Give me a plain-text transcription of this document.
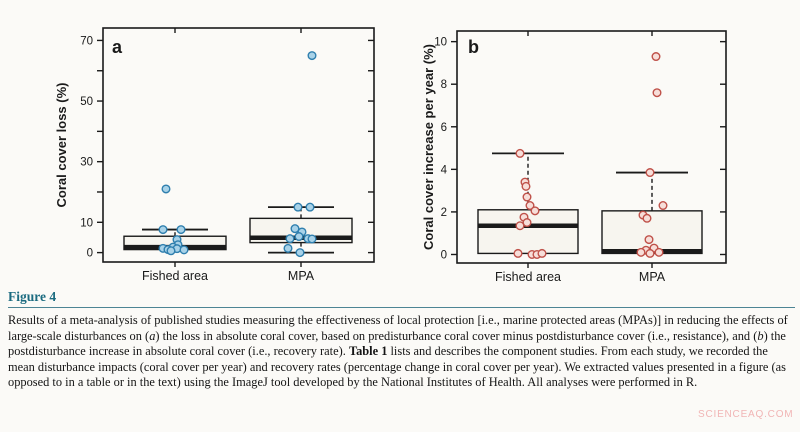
0
10
30
50
70
Fished area	MPA
Coral cover loss (%)
a
0
2
4
6
8
10
Fished area	MPA
Coral cover increase per year (%) b
Figure 4

Results of a meta-analysis of published studies measuring the effectiveness of local protection [i.e., marine protected areas (MPAs)] in reducing the effects of large-scale disturbances on (a) the loss in absolute coral cover, based on predisturbance coral cover minus postdisturbance cover (i.e., resistance), and (b) the postdisturbance increase in absolute coral cover (i.e., recovery rate). Table 1 lists and describes the component studies. From each study, we recorded the mean disturbance impacts (coral cover per year) and recovery rates (percentage change in coral cover per year). We extracted values presented in a figure (as opposed to in a table or in the text) using the ImageJ tool developed by the National Institutes of Health. All analyses were performed in R.

SCIENCEAQ.COM
